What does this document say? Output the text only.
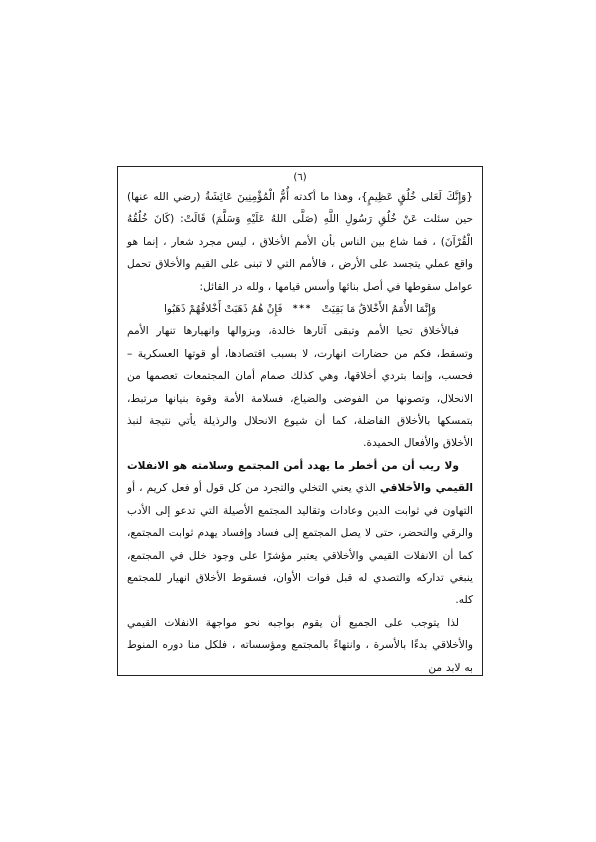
(٦)

{وَإِنَّكَ لَعَلى خُلُقٍ عَظِيمٍ}، وهذا ما أكدته أُمُّ الْمُؤْمِنِينَ عَائِشَةُ (رضي الله عنها) حين سئلت عَنْ خُلُقِ رَسُولِ اللَّهِ (صَلَّى اللهُ عَلَيْهِ وَسَلَّمَ) قَالَتْ: (كَانَ خُلُقُهُ الْقُرْآنَ) ، فما شاع بين الناس بأن الأمم الأخلاق ، ليس مجرد شعار ، إنما هو واقع عملي يتجسد على الأرض ، فالأمم التي لا تبنى على القيم والأخلاق تحمل عوامل سقوطها في أصل بنائها وأسس قيامها ، ولله در القائل:

وَإِنَّمَا الأُمَمُ الأَخْلاقُ مَا بَقِيَتْ
***
فَإِنْ هُمُ ذَهَبَتْ أَخْلاقُهُمْ ذَهَبُوا

فبالأخلاق تحيا الأمم وتبقى آثارها خالدة، وبزوالها وانهيارها تنهار الأمم وتسقط، فكم من حضارات انهارت، لا بسبب اقتصادها، أو قوتها العسكرية – فحسب، وإنما بتردي أخلاقها، وهي كذلك صمام أمان المجتمعات تعصمها من الانحلال، وتصونها من الفوضى والضياع، فسلامة الأمة وقوة بنيانها مرتبط، بتمسكها بالأخلاق الفاضلة، كما أن شيوع الانحلال والرذيلة يأتي نتيجة لنبذ الأخلاق والأفعال الحميدة.

ولا ريب أن من أخطر ما يهدد أمن المجتمع وسلامته هو الانفلات القيمي والأخلاقي الذي يعني التخلي والتجرد من كل قول أو فعل كريم ، أو التهاون في ثوابت الدين وعادات وتقاليد المجتمع الأصيلة التي تدعو إلى الأدب والرقي والتحضر، حتى لا يصل المجتمع إلى فساد وإفساد يهدم ثوابت المجتمع، كما أن الانفلات القيمي والأخلاقي يعتبر مؤشرًا على وجود خلل في المجتمع، ينبغي تداركه والتصدي له قبل فوات الأوان، فسقوط الأخلاق انهيار للمجتمع كله.

لذا يتوجب على الجميع أن يقوم بواجبه نحو مواجهة الانفلات القيمي والأخلاقي بدءًا بالأسرة ، وانتهاءً بالمجتمع ومؤسساته ، فلكل منا دوره المنوط به لابد من
